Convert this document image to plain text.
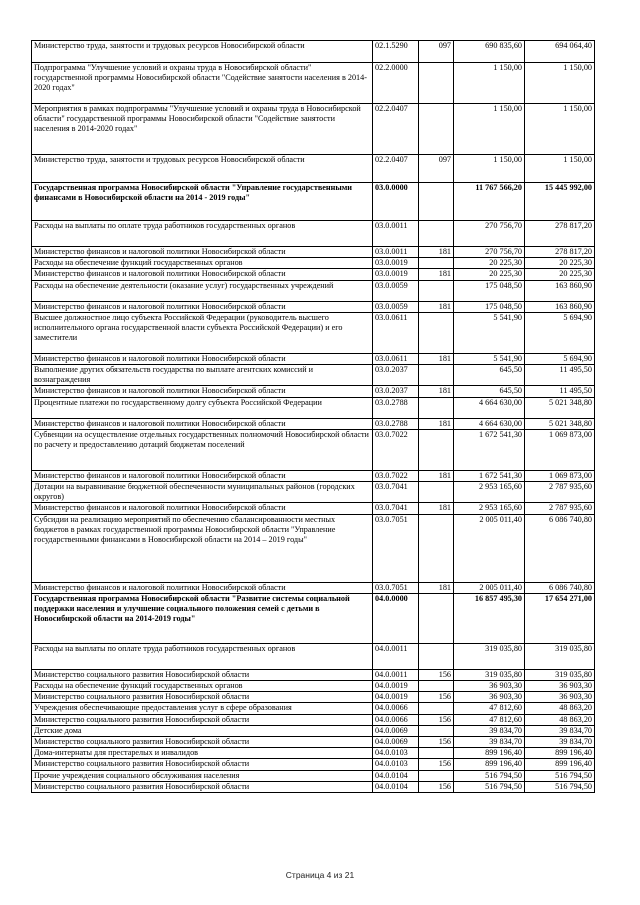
Министерство труда, занятости и трудовых ресурсов Новосибирской области	02.1.5290	097	690 835,60	694 064,40
Подпрограмма "Улучшение условий и охраны труда в Новосибирской области" государственной программы Новосибирской области "Содействие занятости населения в 2014-2020 годах"	02.2.0000		1 150,00	1 150,00
Мероприятия в рамках подпрограммы "Улучшение условий и охраны труда в Новосибирской области" государственной программы Новосибирской области "Содействие занятости населения в 2014-2020 годах"	02.2.0407		1 150,00	1 150,00
Министерство труда, занятости и трудовых ресурсов Новосибирской области	02.2.0407	097	1 150,00	1 150,00
Государственная программа Новосибирской области "Управление государственными финансами в Новосибирской области на 2014 - 2019 годы"	03.0.0000		11 767 566,20	15 445 992,00
Расходы на выплаты по оплате труда работников государственных органов	03.0.0011		270 756,70	278 817,20
Министерство финансов и налоговой политики Новосибирской области	03.0.0011	181	270 756,70	278 817,20
Расходы на обеспечение функций государственных органов	03.0.0019		20 225,30	20 225,30
Министерство финансов и налоговой политики Новосибирской области	03.0.0019	181	20 225,30	20 225,30
Расходы на обеспечение деятельности (оказание услуг) государственных учреждений	03.0.0059		175 048,50	163 860,90
Министерство финансов и налоговой политики Новосибирской области	03.0.0059	181	175 048,50	163 860,90
Высшее должностное лицо субъекта Российской Федерации (руководитель высшего исполнительного органа государственной власти субъекта Российской Федерации) и его заместители	03.0.0611		5 541,90	5 694,90
Министерство финансов и налоговой политики Новосибирской области	03.0.0611	181	5 541,90	5 694,90
Выполнение других обязательств государства по выплате агентских комиссий и вознаграждения	03.0.2037		645,50	11 495,50
Министерство финансов и налоговой политики Новосибирской области	03.0.2037	181	645,50	11 495,50
Процентные платежи по государственному долгу субъекта Российской Федерации	03.0.2788		4 664 630,00	5 021 348,80
Министерство финансов и налоговой политики Новосибирской области	03.0.2788	181	4 664 630,00	5 021 348,80
Субвенции на осуществление отдельных государственных полномочий Новосибирской области по расчету и предоставлению дотаций бюджетам поселений	03.0.7022		1 672 541,30	1 069 873,00
Министерство финансов и налоговой политики Новосибирской области	03.0.7022	181	1 672 541,30	1 069 873,00
Дотации на выравнивание бюджетной обеспеченности муниципальных районов (городских округов)	03.0.7041		2 953 165,60	2 787 935,60
Министерство финансов и налоговой политики Новосибирской области	03.0.7041	181	2 953 165,60	2 787 935,60
Субсидии на реализацию мероприятий по обеспечению сбалансированности местных бюджетов в рамках государственной программы Новосибирской области "Управление государственными финансами в Новосибирской области на 2014 – 2019 годы"	03.0.7051		2 005 011,40	6 086 740,80
Министерство финансов и налоговой политики Новосибирской области	03.0.7051	181	2 005 011,40	6 086 740,80
Государственная программа Новосибирской области "Развитие системы социальной поддержки населения и улучшение социального положения семей с детьми в Новосибирской области на 2014-2019 годы"	04.0.0000		16 857 495,30	17 654 271,00
Расходы на выплаты по оплате труда работников государственных органов	04.0.0011		319 035,80	319 035,80
Министерство социального развития Новосибирской области	04.0.0011	156	319 035,80	319 035,80
Расходы на обеспечение функций государственных органов	04.0.0019		36 903,30	36 903,30
Министерство социального развития Новосибирской области	04.0.0019	156	36 903,30	36 903,30
Учреждения обеспечивающие предоставления услуг в сфере образования	04.0.0066		47 812,60	48 863,20
Министерство социального развития Новосибирской области	04.0.0066	156	47 812,60	48 863,20
Детские дома	04.0.0069		39 834,70	39 834,70
Министерство социального развития Новосибирской области	04.0.0069	156	39 834,70	39 834,70
Дома-интернаты для престарелых и инвалидов	04.0.0103		899 196,40	899 196,40
Министерство социального развития Новосибирской области	04.0.0103	156	899 196,40	899 196,40
Прочие учреждения социального обслуживания населения	04.0.0104		516 794,50	516 794,50
Министерство социального развития Новосибирской области	04.0.0104	156	516 794,50	516 794,50
Страница 4 из 21
